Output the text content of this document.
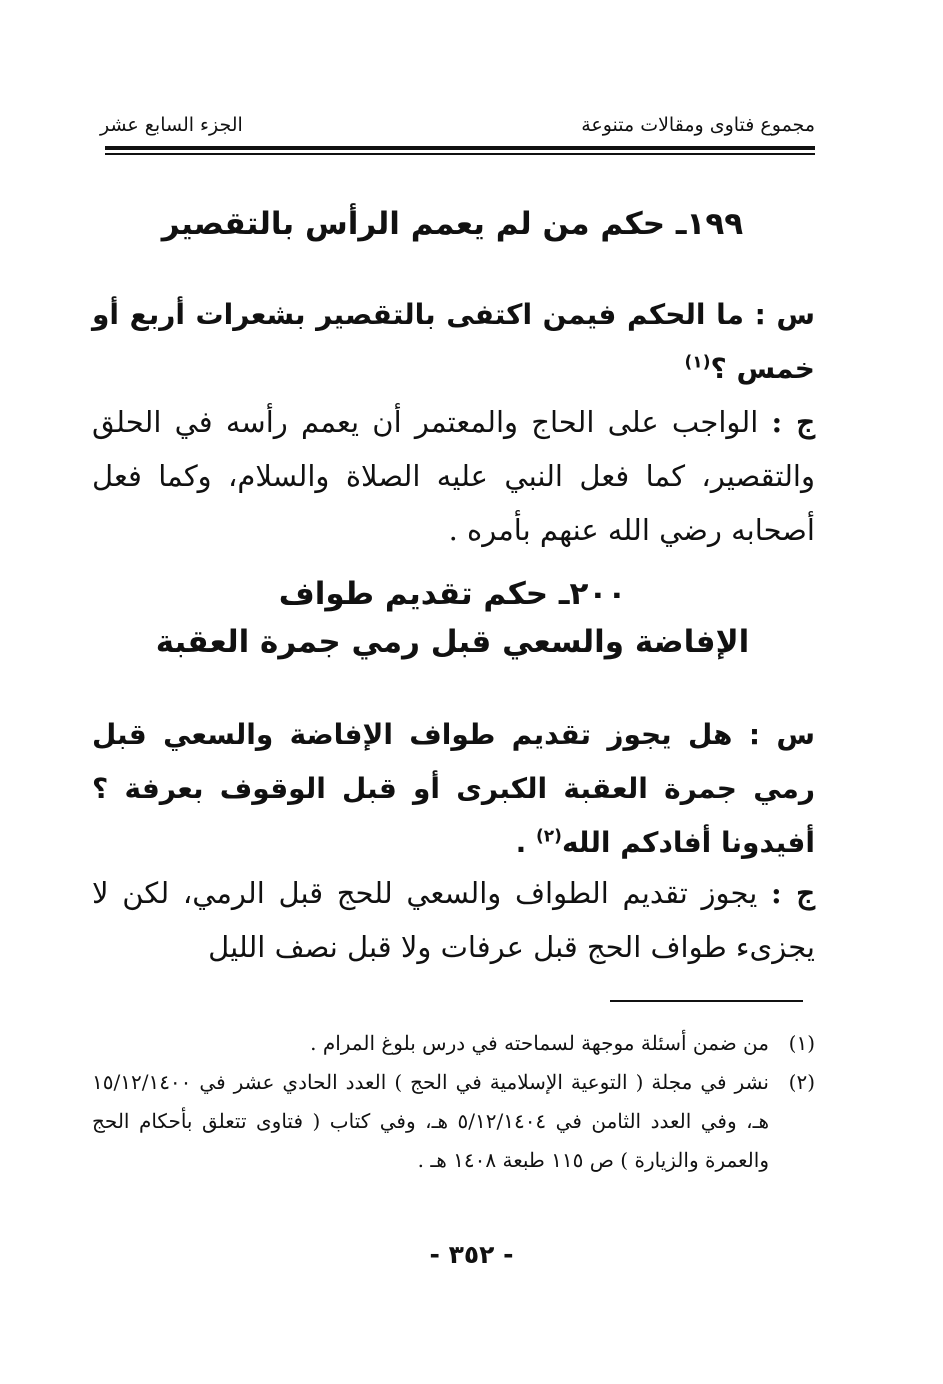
مجموع فتاوى ومقالات متنوعة
الجزء السابع عشر
١٩٩ـ حكم من لم يعمم الرأس بالتقصير

س : ما الحكم فيمن اكتفى بالتقصير بشعرات أربع أو خمس ؟$^{(١)}$

ج : الواجب على الحاج والمعتمر أن يعمم رأسه في الحلق والتقصير، كما فعل النبي عليه الصلاة والسلام، وكما فعل أصحابه رضي الله عنهم بأمره .

٢٠٠ـ حكم تقديم طواف
الإفاضة والسعي قبل رمي جمرة العقبة

س : هل يجوز تقديم طواف الإفاضة والسعي قبل رمي جمرة العقبة الكبرى أو قبل الوقوف بعرفة ؟ أفيدونا أفادكم الله$^{(٢)}$ .

ج : يجوز تقديم الطواف والسعي للحج قبل الرمي، لكن لا يجزىء طواف الحج قبل عرفات ولا قبل نصف الليل

(١)
من ضمن أسئلة موجهة لسماحته في درس بلوغ المرام .
(٢)
نشر في مجلة ( التوعية الإسلامية في الحج ) العدد الحادي عشر في ١٥/١٢/١٤٠٠ هـ، وفي العدد الثامن في ٥/١٢/١٤٠٤ هـ، وفي كتاب ( فتاوى تتعلق بأحكام الحج والعمرة والزيارة ) ص ١١٥ طبعة ١٤٠٨ هـ .
- ٣٥٢ -
